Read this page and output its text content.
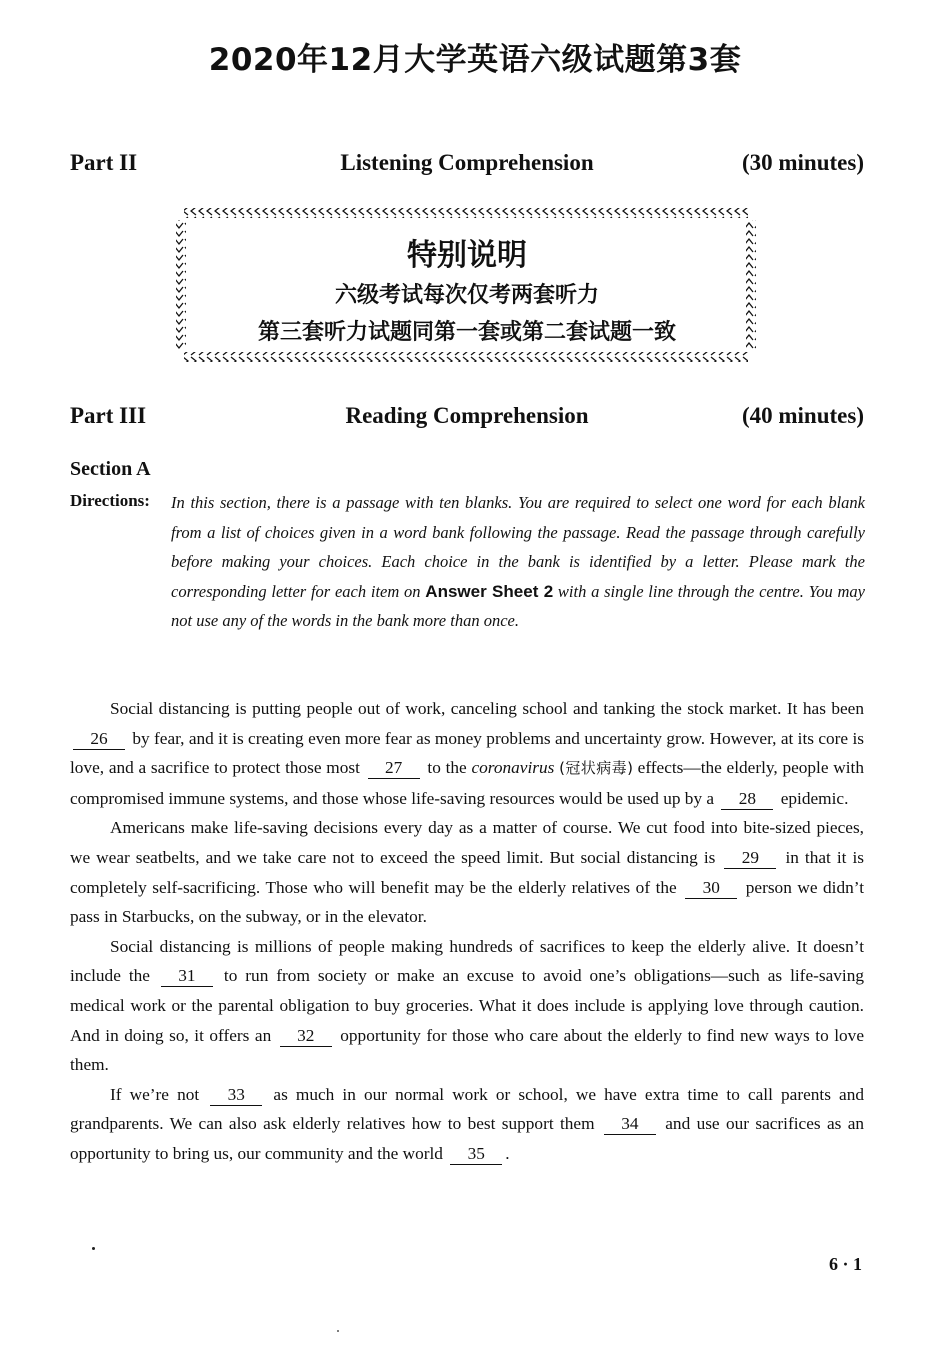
2020年12月大学英语六级试题第3套
Part II	Listening Comprehension	(30 minutes)
特别说明
六级考试每次仅考两套听力
第三套听力试题同第一套或第二套试题一致
Part III	Reading Comprehension	(40 minutes)
Section A
Directions: In this section, there is a passage with ten blanks. You are required to select one word for each blank from a list of choices given in a word bank following the passage. Read the passage through carefully before making your choices. Each choice in the bank is identified by a letter. Please mark the corresponding letter for each item on Answer Sheet 2 with a single line through the centre. You may not use any of the words in the bank more than once.

Social distancing is putting people out of work, canceling school and tanking the stock market. It has been 26 by fear, and it is creating even more fear as money problems and uncertainty grow. However, at its core is love, and a sacrifice to protect those most 27 to the coronavirus (冠状病毒) effects—the elderly, people with compromised immune systems, and those whose life-saving resources would be used up by a 28 epidemic.

Americans make life-saving decisions every day as a matter of course. We cut food into bite-sized pieces, we wear seatbelts, and we take care not to exceed the speed limit. But social distancing is 29 in that it is completely self-sacrificing. Those who will benefit may be the elderly relatives of the 30 person we didn’t pass in Starbucks, on the subway, or in the elevator.

Social distancing is millions of people making hundreds of sacrifices to keep the elderly alive. It doesn’t include the 31 to run from society or make an excuse to avoid one’s obligations—such as life-saving medical work or the parental obligation to buy groceries. What it does include is applying love through caution. And in doing so, it offers an 32 opportunity for those who care about the elderly to find new ways to love them.

If we’re not 33 as much in our normal work or school, we have extra time to call parents and grandparents. We can also ask elderly relatives how to best support them 34 and use our sacrifices as an opportunity to bring us, our community and the world 35 .

6 · 1
